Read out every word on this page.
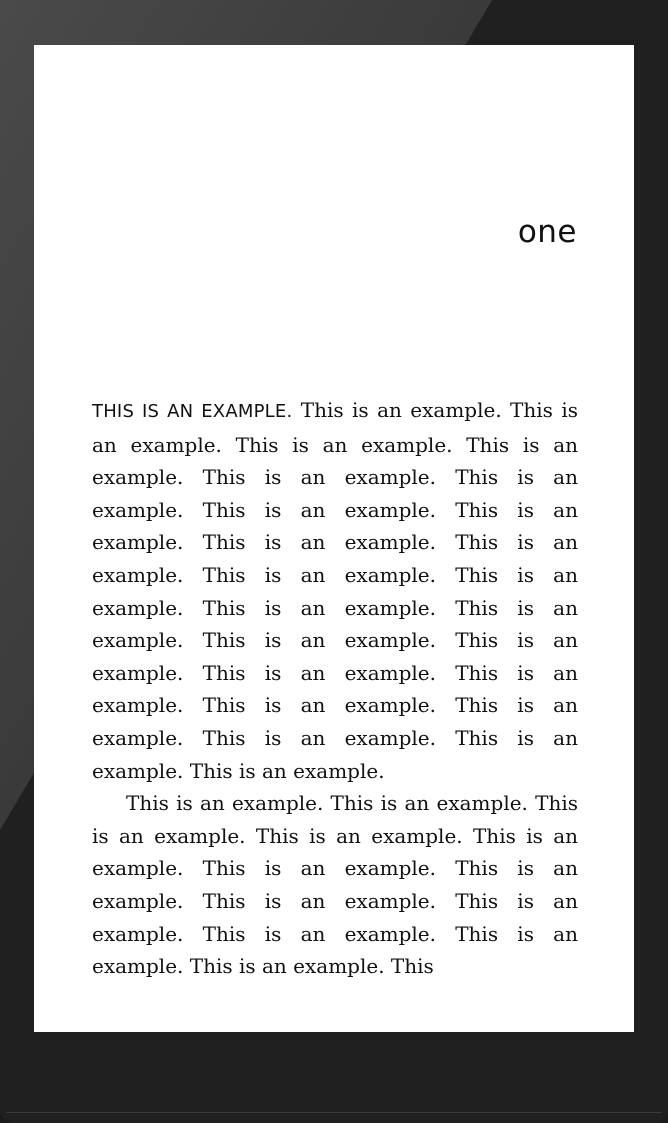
one

THIS IS AN EXAMPLE. This is an example. This is an example. This is an example. This is an example. This is an example. This is an example. This is an example. This is an example. This is an example. This is an example. This is an example. This is an example. This is an example. This is an example. This is an example. This is an example. This is an example. This is an example. This is an example. This is an example. This is an example. This is an example. This is an example.

This is an example. This is an example. This is an example. This is an example. This is an example. This is an example. This is an example. This is an example. This is an example. This is an example. This is an example. This is an example. This
